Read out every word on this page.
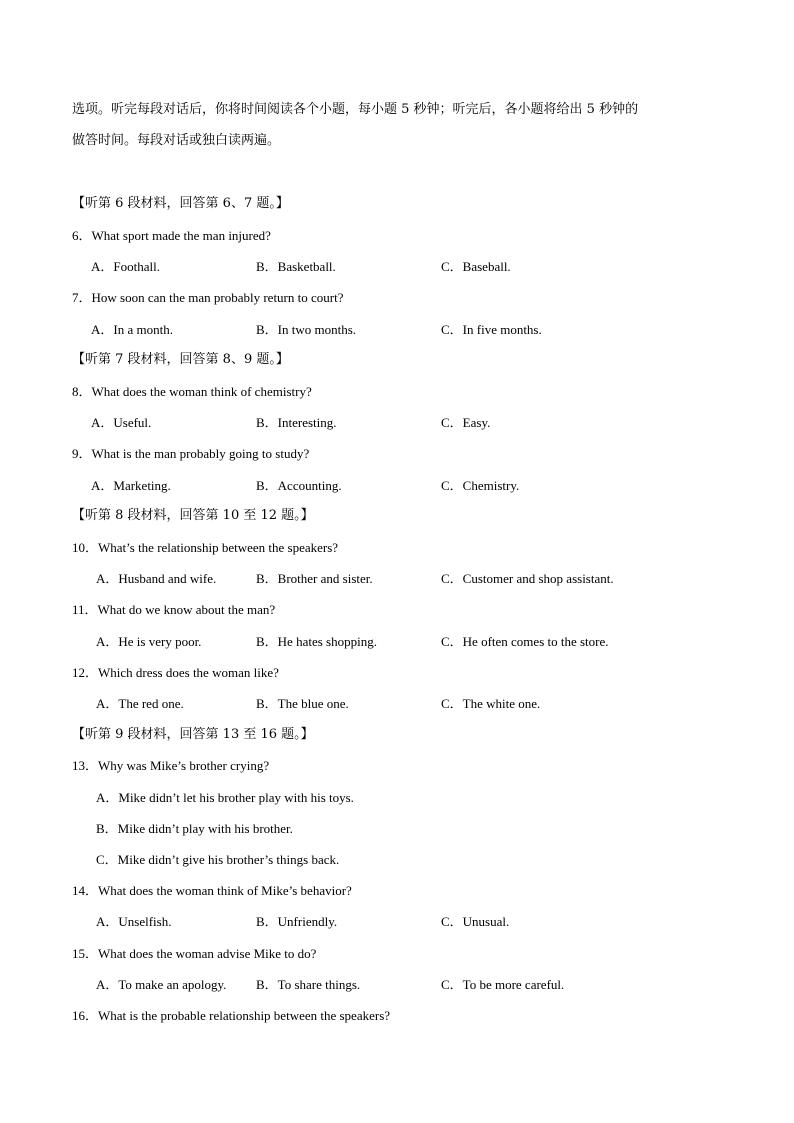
选项。听完每段对话后，你将时间阅读各个小题，每小题 5 秒钟；听完后，各小题将给出 5 秒钟的
做答时间。每段对话或独白读两遍。
【听第 6 段材料，回答第 6、7 题。】
6．What sport made the man injured?
A．Foothall.	B．Basketball.	C．Baseball.
7．How soon can the man probably return to court?
A．In a month.	B．In two months.	C．In five months.
【听第 7 段材料，回答第 8、9 题。】
8．What does the woman think of chemistry?
A．Useful.	B．Interesting.	C．Easy.
9．What is the man probably going to study?
A．Marketing.	B．Accounting.	C．Chemistry.
【听第 8 段材料，回答第 10 至 12 题。】
10．What’s the relationship between the speakers?
A．Husband and wife.	B．Brother and sister.	C．Customer and shop assistant.
11．What do we know about the man?
A．He is very poor.	B．He hates shopping.	C．He often comes to the store.
12．Which dress does the woman like?
A．The red one.	B．The blue one.	C．The white one.
【听第 9 段材料，回答第 13 至 16 题。】
13．Why was Mike’s brother crying?
A．Mike didn’t let his brother play with his toys.
B．Mike didn’t play with his brother.
C．Mike didn’t give his brother’s things back.
14．What does the woman think of Mike’s behavior?
A．Unselfish.	B．Unfriendly.	C．Unusual.
15．What does the woman advise Mike to do?
A．To make an apology. B．To share things.	C．To be more careful.
16．What is the probable relationship between the speakers?
